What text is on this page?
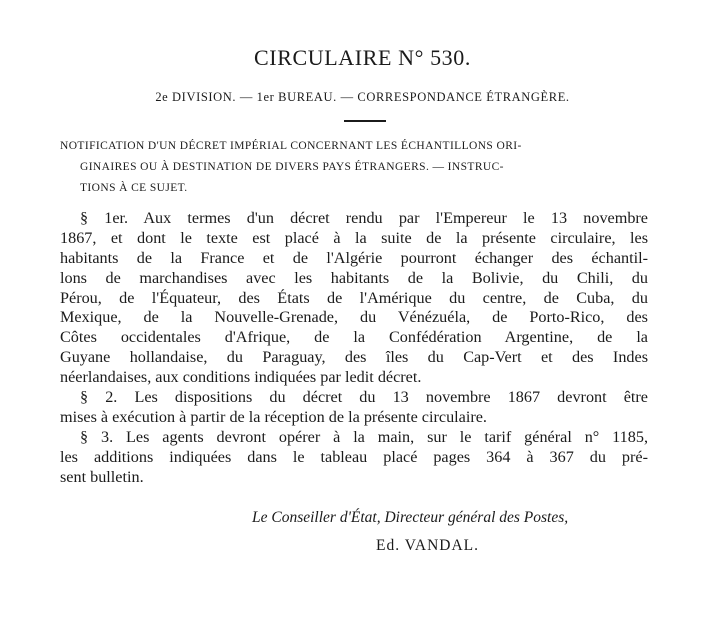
CIRCULAIRE N° 530.
2e DIVISION. — 1er BUREAU. — CORRESPONDANCE ÉTRANGÈRE.
NOTIFICATION D'UN DÉCRET IMPÉRIAL CONCERNANT LES ÉCHANTILLONS ORI-
GINAIRES OU À DESTINATION DE DIVERS PAYS ÉTRANGERS. — INSTRUC-
TIONS À CE SUJET.
§ 1er. Aux termes d'un décret rendu par l'Empereur le 13 novembre
1867, et dont le texte est placé à la suite de la présente circulaire, les
habitants de la France et de l'Algérie pourront échanger des échantil-
lons de marchandises avec les habitants de la Bolivie, du Chili, du
Pérou, de l'Équateur, des États de l'Amérique du centre, de Cuba, du
Mexique, de la Nouvelle-Grenade, du Vénézuéla, de Porto-Rico, des
Côtes occidentales d'Afrique, de la Confédération Argentine, de la
Guyane hollandaise, du Paraguay, des îles du Cap-Vert et des Indes
néerlandaises, aux conditions indiquées par ledit décret.
§ 2. Les dispositions du décret du 13 novembre 1867 devront être
mises à exécution à partir de la réception de la présente circulaire.
§ 3. Les agents devront opérer à la main, sur le tarif général n° 1185,
les additions indiquées dans le tableau placé pages 364 à 367 du pré-
sent bulletin.
Le Conseiller d'État, Directeur général des Postes,
Ed. VANDAL.
